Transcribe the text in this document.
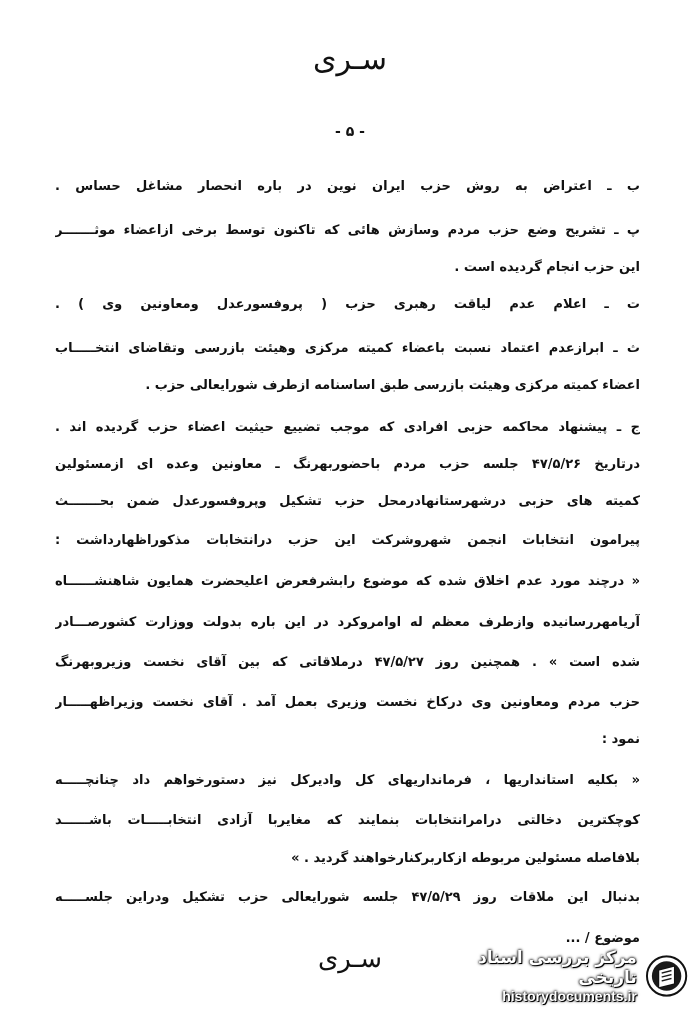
سـری
- ۵ -
ب ـ اعتراض به روش حزب ایران نوین در باره انحصار مشاغل حساس .
پ ـ تشریح وضع حزب مردم وسازش هائی که تاکنون توسط برخی ازاعضاء موثـــــــر
این حزب انجام گردیده است .
ت ـ اعلام عدم لیاقت رهبری حزب ( پروفسورعدل ومعاونین وی ) .
ث ـ ابرازعدم اعتماد نسبت باعضاء کمیته مرکزی وهیئت بازرسی وتقاضای انتخـــــاب
اعضاء کمیته مرکزی وهیئت بازرسی طبق اساسنامه ازطرف شورایعالی حزب .
ج ـ پیشنهاد محاکمه حزبی افرادی که موجب تضییع حیثیت اعضاء حزب گردیده اند .
درتاریخ ۴۷/۵/۲۶ جلسه حزب مردم باحضوربهرنگ ـ معاونین وعده ای ازمسئولین
کمیته های حزبی درشهرستانهادرمحل حزب تشکیل وپروفسورعدل ضمن بحـــــــث
پیرامون انتخابات انجمن شهروشرکت این حزب درانتخابات مذکوراظهارداشت :
« درچند مورد عدم اخلاق شده که موضوع رابشرفعرض اعلیحضرت همایون شاهنشــــــاه
آریامهررسانیده وازطرف معظم له اوامروکرد در این باره بدولت ووزارت کشورصـــادر
شده است » . همچنین روز ۴۷/۵/۲۷ درملاقاتی که بین آقای نخست وزیروبهرنگ
حزب مردم ومعاونین وی درکاخ نخست وزیری بعمل آمد . آقای نخست وزیراظهـــــار
نمود :
« بکلیه استانداریها ، فرمانداریهای کل وادیرکل نیز دستورخواهم داد چنانچـــــه
کوچکترین دخالتی درامرانتخابات بنمایند که مغایربا آزادی انتخابـــــات باشــــــد
بلافاصله مسئولین مربوطه ازکاربرکنارخواهند گردید . »
بدنبال این ملاقات روز ۴۷/۵/۲۹ جلسه شورایعالی حزب تشکیل ودراین جلســـــه
موضوع / ...
سـری	مرکز بررسی اسناد تاریخی
historydocuments.ir
